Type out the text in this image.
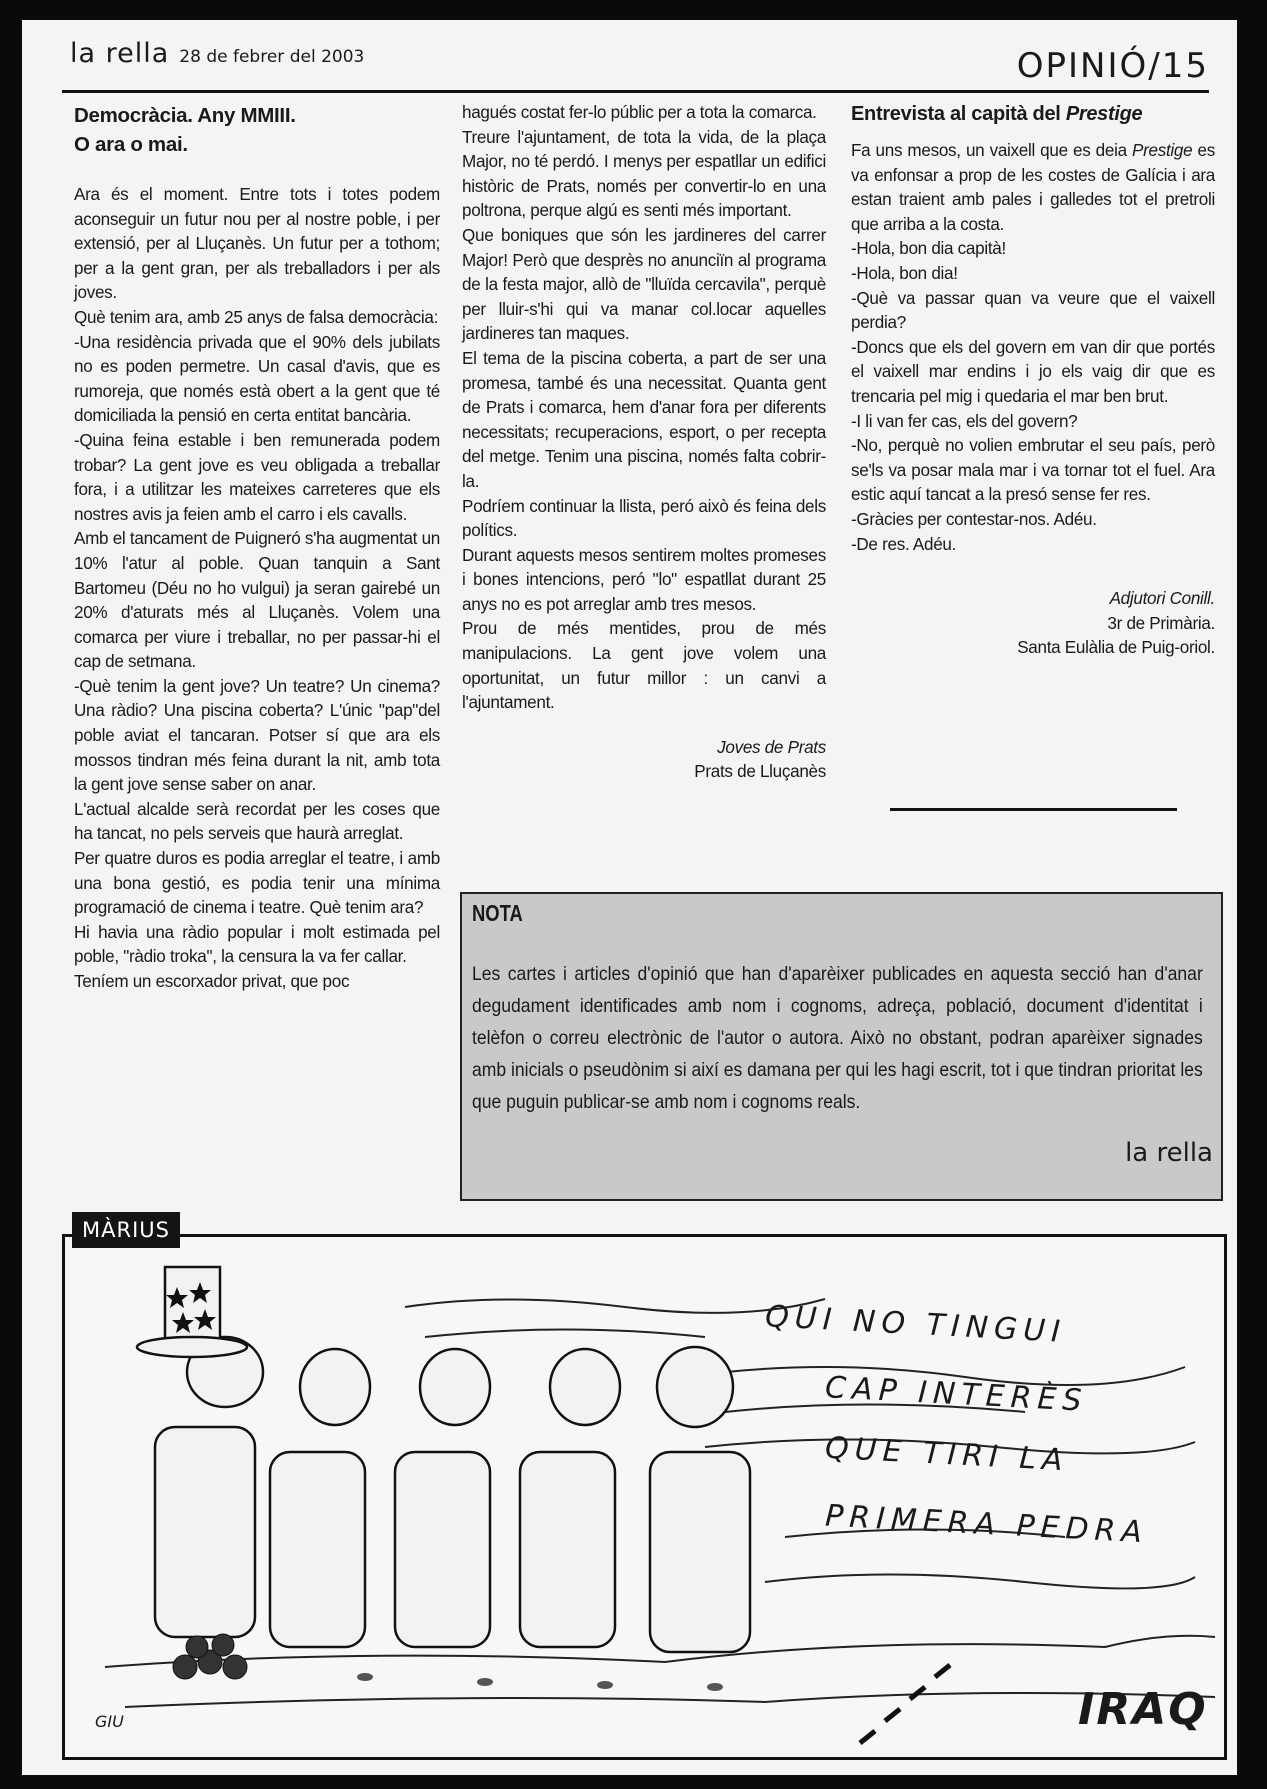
la rella 28 de febrer del 2003	OPINIÓ/15

Democràcia. Any MMIII.
O ara o mai.

Ara és el moment. Entre tots i totes podem aconseguir un futur nou per al nostre poble, i per extensió, per al Lluçanès. Un futur per a tothom; per a la gent gran, per als treballadors i per als joves.

Què tenim ara, amb 25 anys de falsa democràcia:

-Una residència privada que el 90% dels jubilats no es poden permetre. Un casal d'avis, que es rumoreja, que només està obert a la gent que té domiciliada la pensió en certa entitat bancària.

-Quina feina estable i ben remunerada podem trobar? La gent jove es veu obligada a treballar fora, i a utilitzar les mateixes carreteres que els nostres avis ja feien amb el carro i els cavalls.

Amb el tancament de Puigneró s'ha augmentat un 10% l'atur al poble. Quan tanquin a Sant Bartomeu (Déu no ho vulgui) ja seran gairebé un 20% d'aturats més al Lluçanès. Volem una comarca per viure i treballar, no per passar-hi el cap de setmana.

-Què tenim la gent jove? Un teatre? Un cinema? Una ràdio? Una piscina coberta? L'únic "pap"del poble aviat el tancaran. Potser sí que ara els mossos tindran més feina durant la nit, amb tota la gent jove sense saber on anar.

L'actual alcalde serà recordat per les coses que ha tancat, no pels serveis que haurà arreglat.

Per quatre duros es podia arreglar el teatre, i amb una bona gestió, es podia tenir una mínima programació de cinema i teatre. Què tenim ara?

Hi havia una ràdio popular i molt estimada pel poble, "ràdio troka", la censura la va fer callar.

Teníem un escorxador privat, que poc

hagués costat fer-lo públic per a tota la comarca.

Treure l'ajuntament, de tota la vida, de la plaça Major, no té perdó. I menys per espatllar un edifici històric de Prats, només per convertir-lo en una poltrona, perque algú es senti més important.

Que boniques que són les jardineres del carrer Major! Però que desprès no anunciïn al programa de la festa major, allò de "lluïda cercavila", perquè per lluir-s'hi qui va manar col.locar aquelles jardineres tan maques.

El tema de la piscina coberta, a part de ser una promesa, també és una necessitat. Quanta gent de Prats i comarca, hem d'anar fora per diferents necessitats; recuperacions, esport, o per recepta del metge. Tenim una piscina, només falta cobrir-la.

Podríem continuar la llista, peró això és feina dels polítics.

Durant aquests mesos sentirem moltes promeses i bones intencions, peró "lo" espatllat durant 25 anys no es pot arreglar amb tres mesos.

Prou de més mentides, prou de més manipulacions. La gent jove volem una oportunitat, un futur millor : un canvi a l'ajuntament.

Joves de Prats
Prats de Lluçanès

Entrevista al capità del Prestige

Fa uns mesos, un vaixell que es deia Prestige es va enfonsar a prop de les costes de Galícia i ara estan traient amb pales i galledes tot el pretroli que arriba a la costa.

-Hola, bon dia capità!

-Hola, bon dia!

-Què va passar quan va veure que el vaixell perdia?

-Doncs que els del govern em van dir que portés el vaixell mar endins i jo els vaig dir que es trencaria pel mig i quedaria el mar ben brut.

-I li van fer cas, els del govern?

-No, perquè no volien embrutar el seu país, però se'ls va posar mala mar i va tornar tot el fuel. Ara estic aquí tancat a la presó sense fer res.

-Gràcies per contestar-nos. Adéu.

-De res. Adéu.

Adjutori Conill.
3r de Primària.
Santa Eulàlia de Puig-oriol.
NOTA
Les cartes i articles d'opinió que han d'aparèixer publicades en aquesta secció han d'anar degudament identificades amb nom i cognoms, adreça, població, document d'identitat i telèfon o correu electrònic de l'autor o autora. Això no obstant, podran aparèixer signades amb inicials o pseudònim si així es damana per qui les hagi escrit, tot i que tindran prioritat les que puguin publicar-se amb nom i cognoms reals.
la rella
QUI NO TINGUI
CAP INTERÈS
QUE TIRI LA
PRIMERA PEDRA
IRAQ
GIU
MÀRIUS
